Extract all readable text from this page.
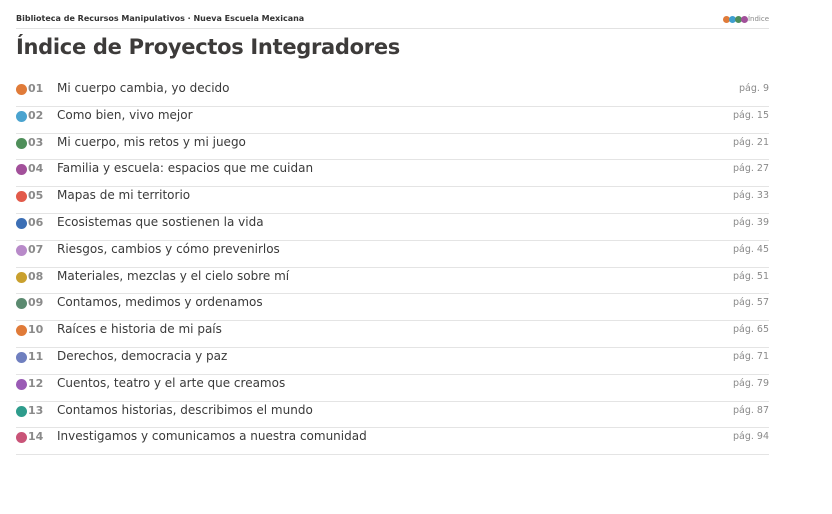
Biblioteca de Recursos Manipulativos · Nueva Escuela Mexicana	Índice
Índice de Proyectos Integradores
01 Mi cuerpo cambia, yo decido	pág. 9
02 Como bien, vivo mejor	pág. 15
03 Mi cuerpo, mis retos y mi juego	pág. 21
04 Familia y escuela: espacios que me cuidan	pág. 27
05 Mapas de mi territorio	pág. 33
06 Ecosistemas que sostienen la vida	pág. 39
07 Riesgos, cambios y cómo prevenirlos	pág. 45
08 Materiales, mezclas y el cielo sobre mí	pág. 51
09 Contamos, medimos y ordenamos	pág. 57
10 Raíces e historia de mi país	pág. 65
11 Derechos, democracia y paz	pág. 71
12 Cuentos, teatro y el arte que creamos	pág. 79
13 Contamos historias, describimos el mundo	pág. 87
14 Investigamos y comunicamos a nuestra comunidad	pág. 94
